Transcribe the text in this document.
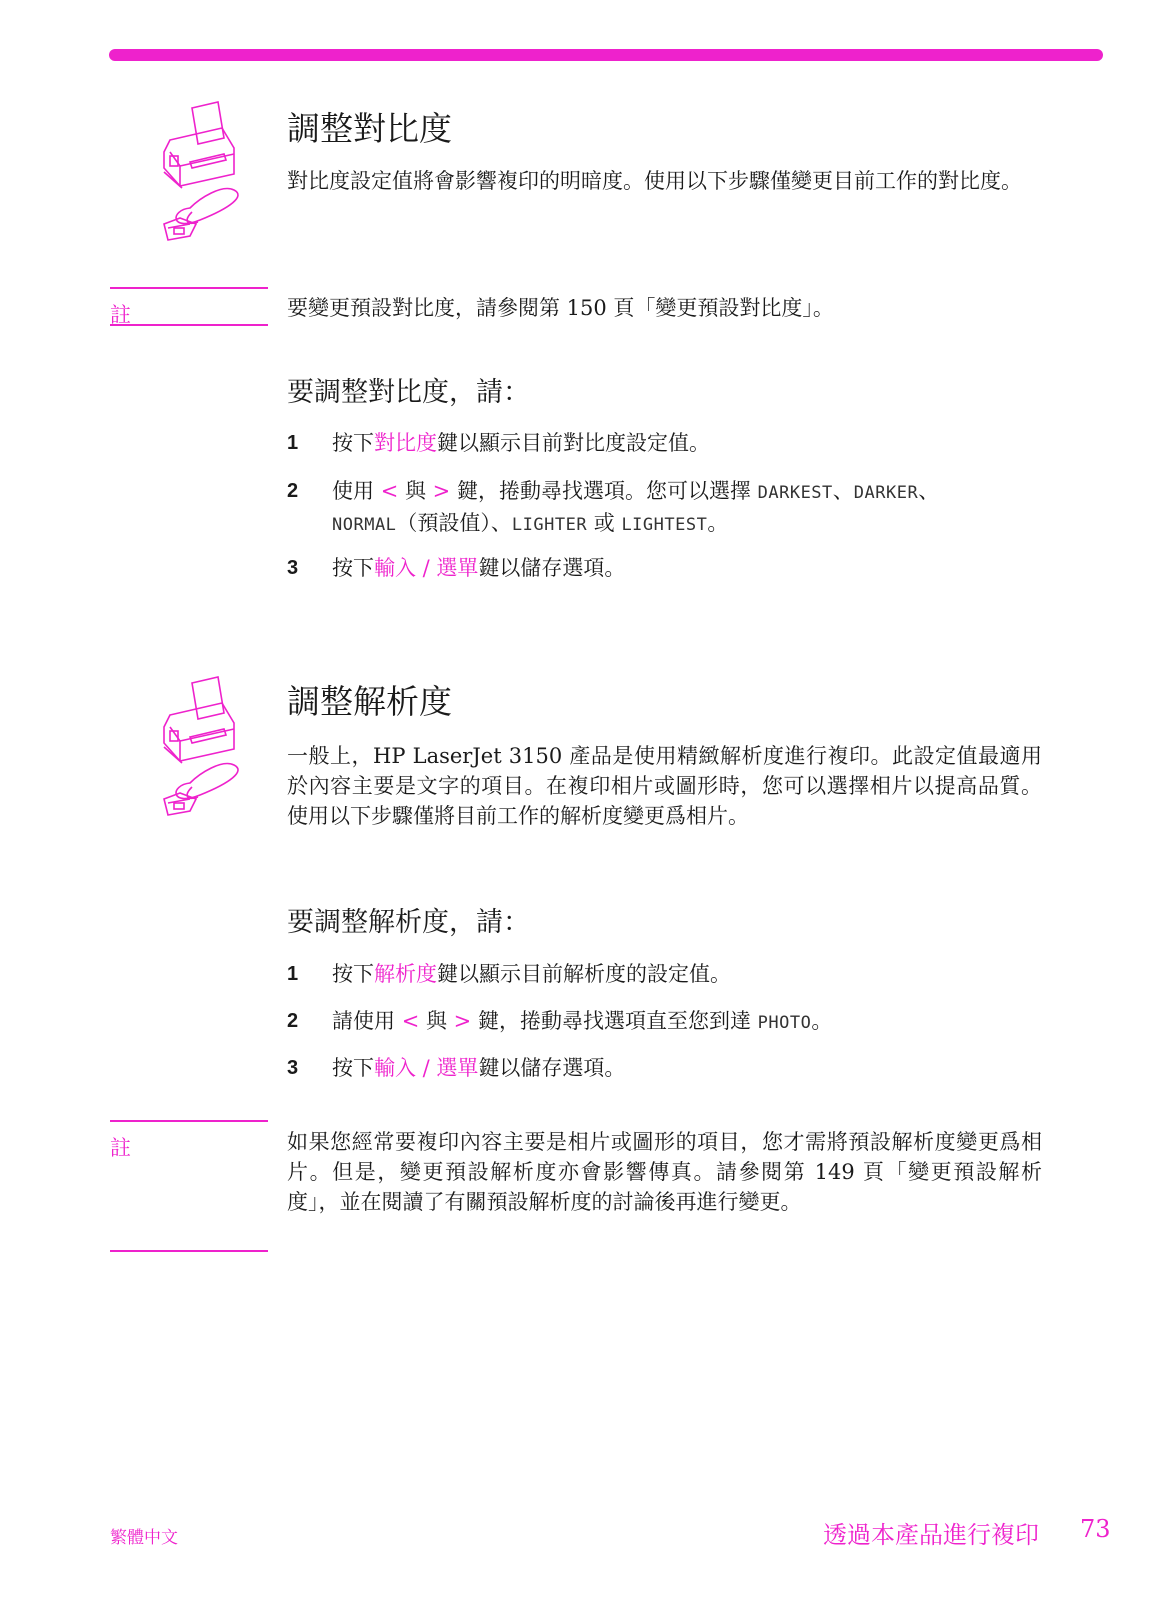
調整對比度

對比度設定值將會影響複印的明暗度。使用以下步驟僅變更目前工作的對比度。

註	要變更預設對比度，請參閱第 150 頁「變更預設對比度」。

要調整對比度，請：
1 按下對比度鍵以顯示目前對比度設定值。
2 使用 < 與 > 鍵，捲動尋找選項。您可以選擇 DARKEST、DARKER、
NORMAL（預設值）、LIGHTER 或 LIGHTEST。
3 按下輸入 / 選單鍵以儲存選項。
調整解析度

一般上，HP LaserJet 3150 產品是使用精緻解析度進行複印。此設定值最適用於內容主要是文字的項目。在複印相片或圖形時，您可以選擇相片以提高品質。使用以下步驟僅將目前工作的解析度變更爲相片。

要調整解析度，請：
1 按下解析度鍵以顯示目前解析度的設定值。
2 請使用 < 與 > 鍵，捲動尋找選項直至您到達 PHOTO。
3 按下輸入 / 選單鍵以儲存選項。
註	如果您經常要複印內容主要是相片或圖形的項目，您才需將預設解析度變更爲相片。但是，變更預設解析度亦會影響傳真。請參閱第 149 頁「變更預設解析度」，並在閱讀了有關預設解析度的討論後再進行變更。

繁體中文	透過本產品進行複印 73
